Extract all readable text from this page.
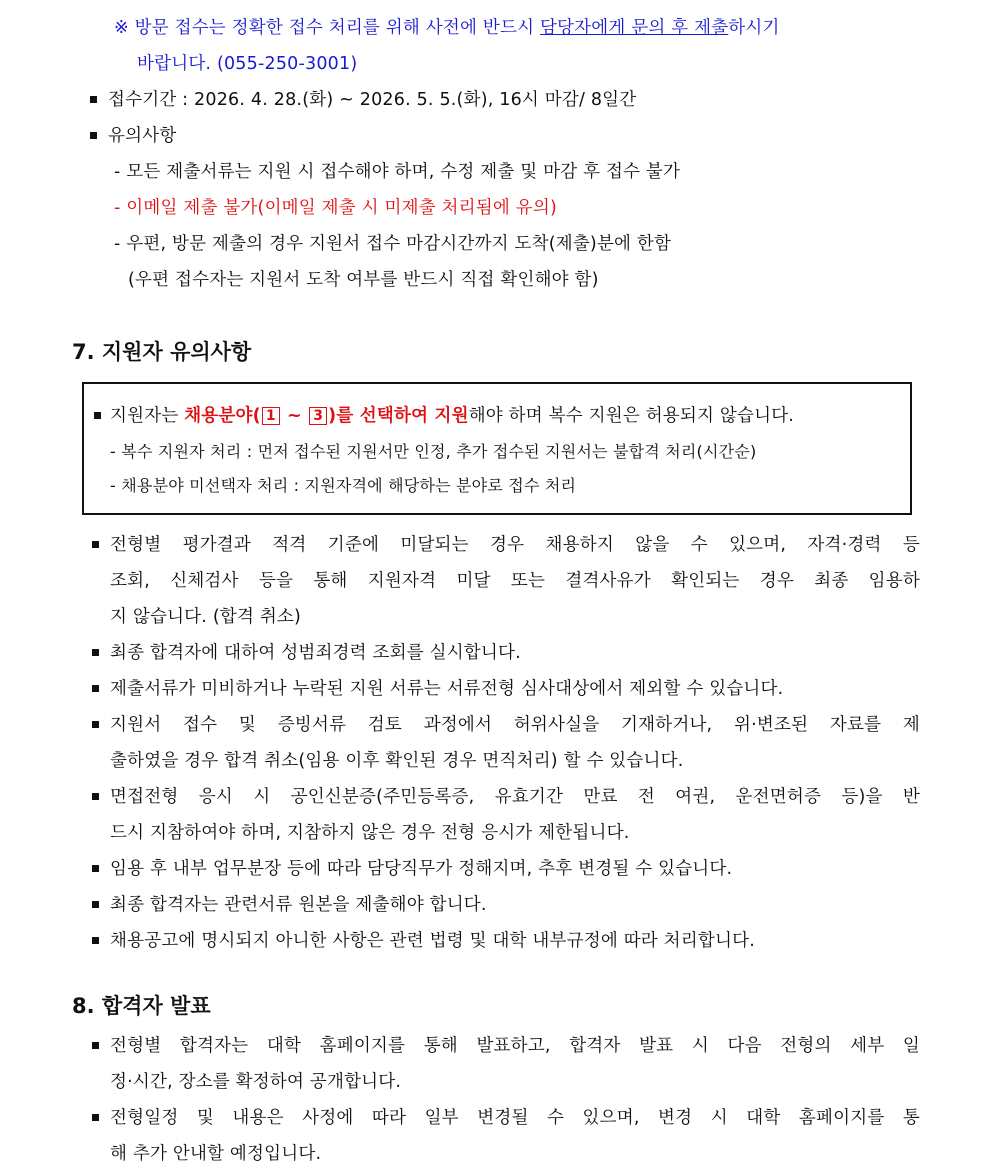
※ 방문 접수는 정확한 접수 처리를 위해 사전에 반드시 담당자에게 문의 후 제출하시기
바랍니다. (055-250-3001)
접수기간 : 2026. 4. 28.(화) ~ 2026. 5. 5.(화), 16시 마감/ 8일간
유의사항
- 모든 제출서류는 지원 시 접수해야 하며, 수정 제출 및 마감 후 접수 불가
- 이메일 제출 불가(이메일 제출 시 미제출 처리됨에 유의)
- 우편, 방문 제출의 경우 지원서 접수 마감시간까지 도착(제출)분에 한함
(우편 접수자는 지원서 도착 여부를 반드시 직접 확인해야 함)
7. 지원자 유의사항
지원자는 채용분야( 1 ~ 3 )를 선택하여 지원해야 하며 복수 지원은 허용되지 않습니다.
- 복수 지원자 처리 : 먼저 접수된 지원서만 인정, 추가 접수된 지원서는 불합격 처리(시간순)
- 채용분야 미선택자 처리 : 지원자격에 해당하는 분야로 접수 처리
전형별 평가결과 적격 기준에 미달되는 경우 채용하지 않을 수 있으며, 자격·경력 등
조회, 신체검사 등을 통해 지원자격 미달 또는 결격사유가 확인되는 경우 최종 임용하
지 않습니다. (합격 취소)
최종 합격자에 대하여 성범죄경력 조회를 실시합니다.
제출서류가 미비하거나 누락된 지원 서류는 서류전형 심사대상에서 제외할 수 있습니다.
지원서 접수 및 증빙서류 검토 과정에서 허위사실을 기재하거나, 위·변조된 자료를 제
출하였을 경우 합격 취소(임용 이후 확인된 경우 면직처리) 할 수 있습니다.
면접전형 응시 시 공인신분증(주민등록증, 유효기간 만료 전 여권, 운전면허증 등)을 반
드시 지참하여야 하며, 지참하지 않은 경우 전형 응시가 제한됩니다.
임용 후 내부 업무분장 등에 따라 담당직무가 정해지며, 추후 변경될 수 있습니다.
최종 합격자는 관련서류 원본을 제출해야 합니다.
채용공고에 명시되지 아니한 사항은 관련 법령 및 대학 내부규정에 따라 처리합니다.
8. 합격자 발표
전형별 합격자는 대학 홈페이지를 통해 발표하고, 합격자 발표 시 다음 전형의 세부 일
정·시간, 장소를 확정하여 공개합니다.
전형일정 및 내용은 사정에 따라 일부 변경될 수 있으며, 변경 시 대학 홈페이지를 통
해 추가 안내할 예정입니다.
